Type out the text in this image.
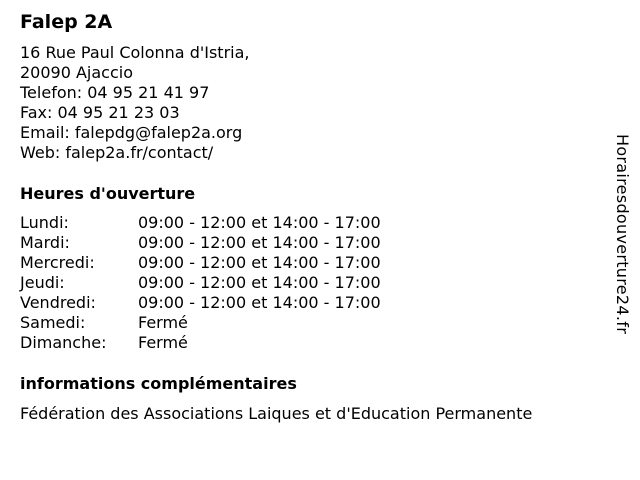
Falep 2A
16 Rue Paul Colonna d'Istria,
20090 Ajaccio
Telefon: 04 95 21 41 97
Fax: 04 95 21 23 03
Email: falepdg@falep2a.org
Web: falep2a.fr/contact/
Heures d'ouverture
Lundi:	09:00 - 12:00 et 14:00 - 17:00
Mardi:	09:00 - 12:00 et 14:00 - 17:00
Mercredi:	09:00 - 12:00 et 14:00 - 17:00
Jeudi:	09:00 - 12:00 et 14:00 - 17:00
Vendredi:	09:00 - 12:00 et 14:00 - 17:00
Samedi:	Fermé
Dimanche: Fermé
informations complémentaires
Fédération des Associations Laiques et d'Education Permanente
Horairesdouverture24.fr
